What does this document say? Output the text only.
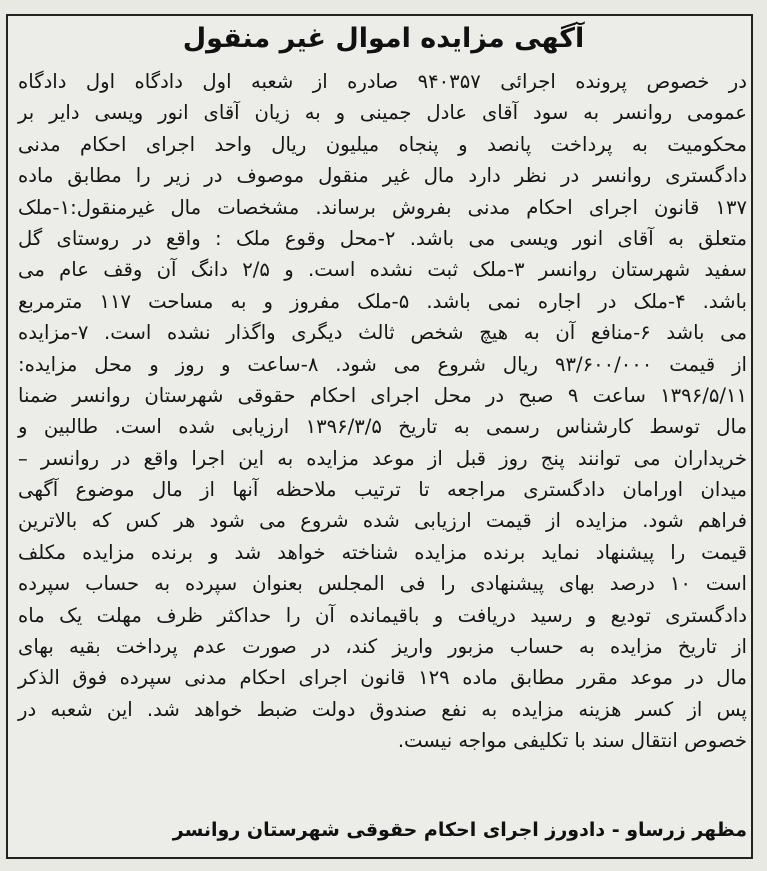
آگهی مزایده اموال غیر منقول
در خصوص پرونده اجرائی ۹۴۰۳۵۷ صادره از شعبه اول دادگاه اول دادگاه
عمومی روانسر به سود آقای عادل جمینی و به زیان آقای انور ویسی دایر بر
محکومیت به پرداخت پانصد و پنجاه میلیون ریال واحد اجرای احکام مدنی
دادگستری روانسر در نظر دارد مال غیر منقول موصوف در زیر را مطابق ماده
۱۳۷ قانون اجرای احکام مدنی بفروش برساند. مشخصات مال غیرمنقول:۱-ملک
متعلق به آقای انور ویسی می باشد. ۲-محل وقوع ملک : واقع در روستای گل
سفید شهرستان روانسر ۳-ملک ثبت نشده است. و ۲/۵ دانگ آن وقف عام می
باشد. ۴-ملک در اجاره نمی باشد. ۵-ملک مفروز و به مساحت ۱۱۷ مترمربع
می باشد ۶-منافع آن به هیچ شخص ثالث دیگری واگذار نشده است. ۷-مزایده
از قیمت ۹۳/۶۰۰/۰۰۰ ریال شروع می شود. ۸-ساعت و روز و محل مزایده:
۱۳۹۶/۵/۱۱ ساعت ۹ صبح در محل اجرای احکام حقوقی شهرستان روانسر ضمنا
مال توسط کارشناس رسمی به تاریخ ۱۳۹۶/۳/۵ ارزیابی شده است. طالبین و
خریداران می توانند پنج روز قبل از موعد مزایده به این اجرا واقع در روانسر –
میدان اورامان دادگستری مراجعه تا ترتیب ملاحظه آنها از مال موضوع آگهی
فراهم شود. مزایده از قیمت ارزیابی شده شروع می شود هر کس که بالاترین
قیمت را پیشنهاد نماید برنده مزایده شناخته خواهد شد و برنده مزایده مکلف
است ۱۰ درصد بهای پیشنهادی را فی المجلس بعنوان سپرده به حساب سپرده
دادگستری تودیع و رسید دریافت و باقیمانده آن را حداکثر ظرف مهلت یک ماه
از تاریخ مزایده به حساب مزبور واریز کند، در صورت عدم پرداخت بقیه بهای
مال در موعد مقرر مطابق ماده ۱۲۹ قانون اجرای احکام مدنی سپرده فوق الذکر
پس از کسر هزینه مزایده به نفع صندوق دولت ضبط خواهد شد. این شعبه در
خصوص انتقال سند با تکلیفی مواجه نیست.
مظهر زرساو - دادورز اجرای احکام حقوقی شهرستان روانسر
